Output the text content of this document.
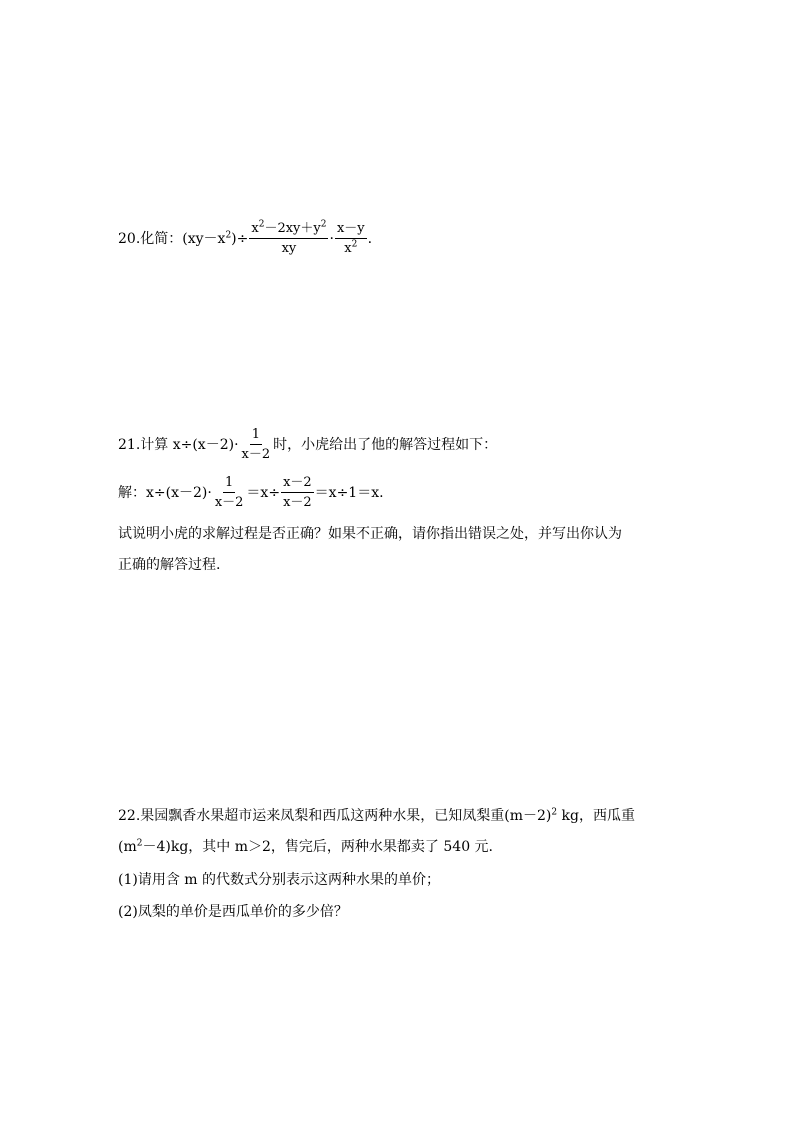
20.化简： $(xy-x^2)\div \frac{x^2-2xy+y^2}{xy} \cdot \frac{x-y}{x^2}$ .
21.计算 $x\div(x-2)\cdot \frac{1}{x-2}$ 时，小虎给出了他的解答过程如下：
解：$x\div(x-2)\cdot \frac{1}{x-2} =x\div \frac{x-2}{x-2} =x\div 1=x$.
试说明小虎的求解过程是否正确？如果不正确，请你指出错误之处，并写出你认为
正确的解答过程.
22.果园飘香水果超市运来凤梨和西瓜这两种水果，已知凤梨重$(m-2)^2$ kg，西瓜重
$(m^2-4)kg$，其中 m＞2，售完后，两种水果都卖了 540 元.
(1)请用含 m 的代数式分别表示这两种水果的单价；
(2)凤梨的单价是西瓜单价的多少倍？
